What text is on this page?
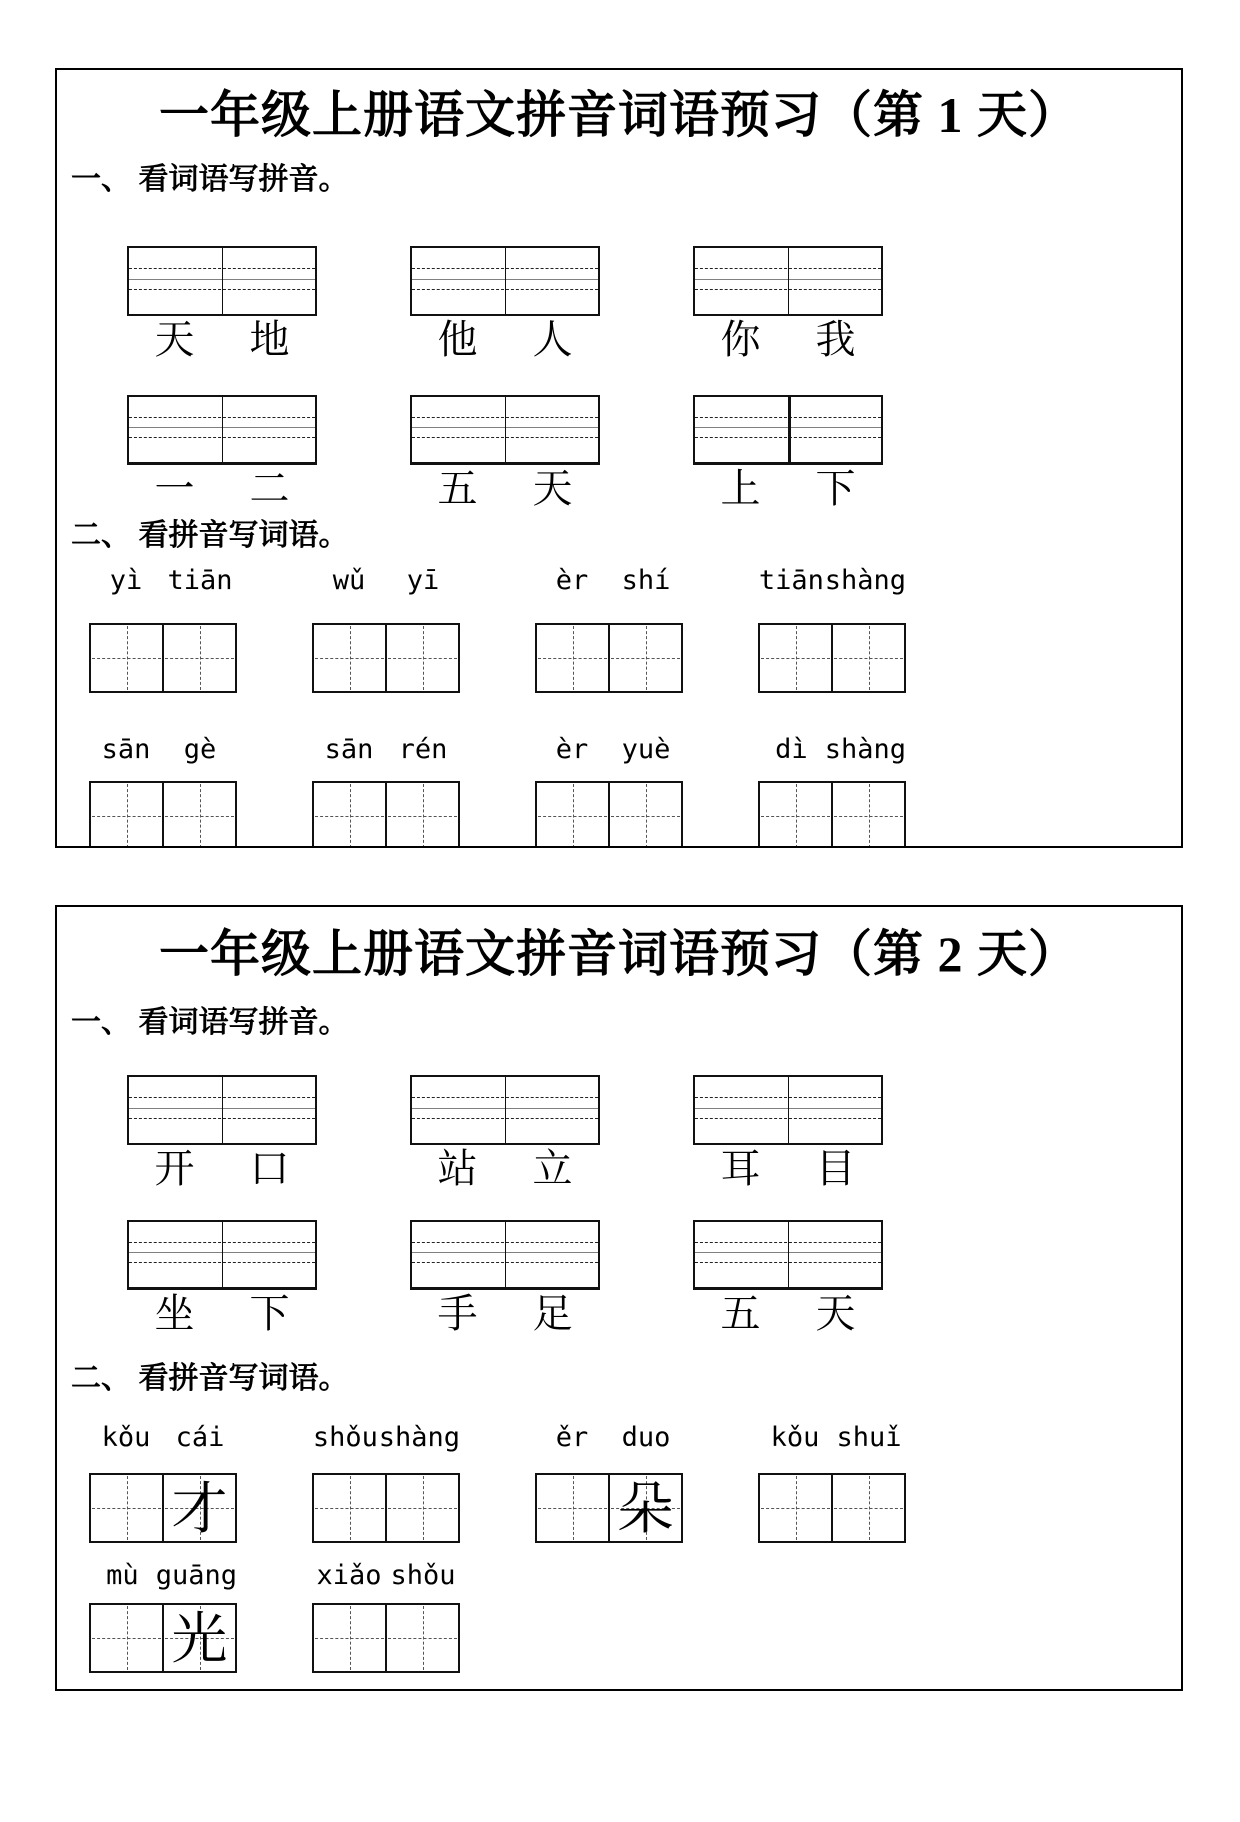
一年级上册语文拼音词语预习（第 1 天）
一、 看词语写拼音。
天	地	他	人	你	我
一	二	五	天	上	下
二、 看拼音写词语。
yì tiān	wǔ	yī	èr	shí	tiān shàng
sān	gè	sān rén	èr	yuè	dì shàng
一年级上册语文拼音词语预习（第 2 天）
一、 看词语写拼音。
开	口	站	立	耳	目
坐	下	手	足	五	天
二、 看拼音写词语。
kǒu cái
才
shǒu shàng	ěr	duo
朵
kǒu shuǐ
mù guāng
光
xiǎo shǒu
